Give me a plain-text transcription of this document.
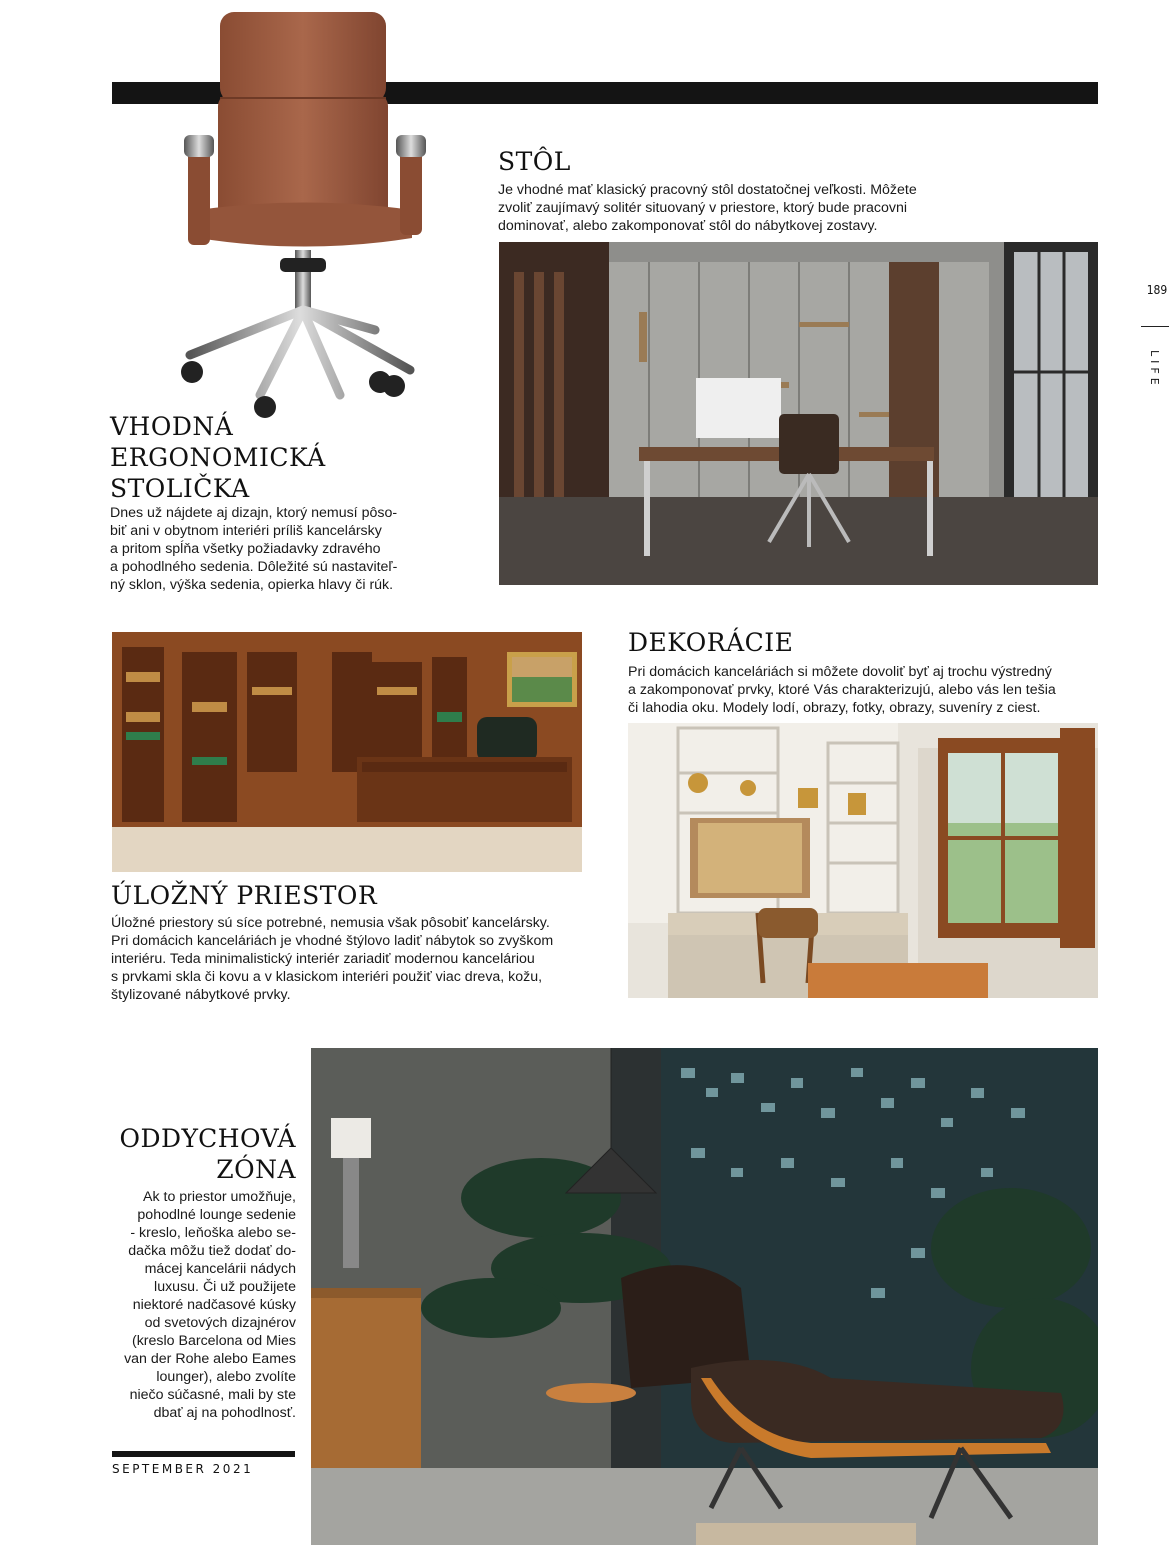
VHODNÁ
ERGONOMICKÁ
STOLIČKA
Dnes už nájdete aj dizajn, ktorý nemusí pôso-
biť ani v obytnom interiéri príliš kancelársky
a pritom spĺňa všetky požiadavky zdravého
a pohodlného sedenia. Dôležité sú nastaviteľ-
ný sklon, výška sedenia, opierka hlavy či rúk.
STÔL
Je vhodné mať klasický pracovný stôl dostatočnej veľkosti. Môžete
zvoliť zaujímavý solitér situovaný v priestore, ktorý bude pracovni
dominovať, alebo zakomponovať stôl do nábytkovej zostavy.
ÚLOŽNÝ PRIESTOR
Úložné priestory sú síce potrebné, nemusia však pôsobiť kancelársky.
Pri domácich kanceláriách je vhodné štýlovo ladiť nábytok so zvyškom
interiéru. Teda minimalistický interiér zariadiť modernou kanceláriou
s prvkami skla či kovu a v klasickom interiéri použiť viac dreva, kožu,
štylizované nábytkové prvky.
DEKORÁCIE
Pri domácich kanceláriách si môžete dovoliť byť aj trochu výstredný
a zakomponovať prvky, ktoré Vás charakterizujú, alebo vás len tešia
či lahodia oku. Modely lodí, obrazy, fotky, obrazy, suveníry z ciest.
ODDYCHOVÁ
ZÓNA
Ak to priestor umožňuje,
pohodlné lounge sedenie
- kreslo, leňoška alebo se-
dačka môžu tiež dodať do-
mácej kancelárii nádych
luxusu. Či už použijete
niektoré nadčasové kúsky
od svetových dizajnérov
(kreslo Barcelona od Mies
van der Rohe alebo Eames
lounger), alebo zvolíte
niečo súčasné, mali by ste
dbať aj na pohodlnosť.
189
LIFE
SEPTEMBER 2021
